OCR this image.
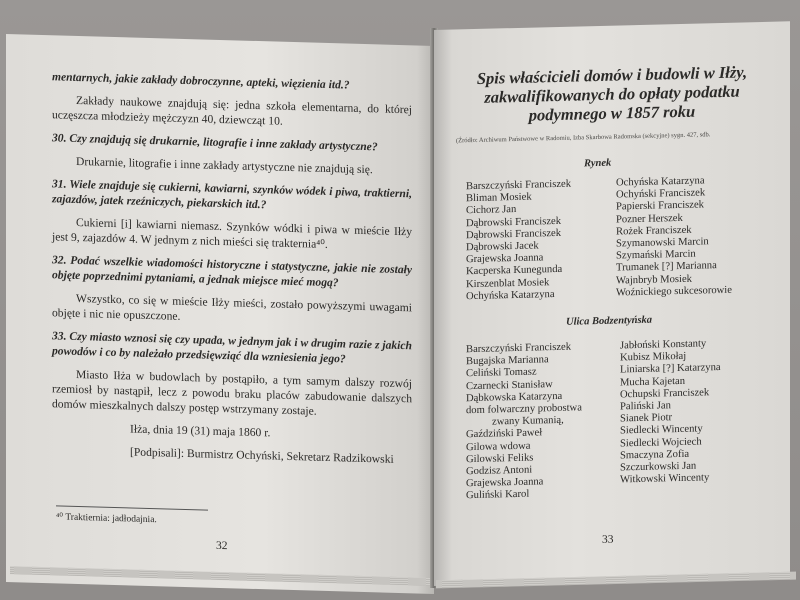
mentarnych, jakie zakłady dobroczynne, apteki, więzienia itd.?

Zakłady naukowe znajdują się: jedna szkoła elementarna, do której uczęszcza młodzieży mężczyzn 40, dziewcząt 10.

30. Czy znajdują się drukarnie, litografie i inne zakłady artystyczne?

Drukarnie, litografie i inne zakłady artystyczne nie znajdują się.

31. Wiele znajduje się cukierni, kawiarni, szynków wódek i piwa, traktierni, zajazdów, jatek rzeźniczych, piekarskich itd.?

Cukierni [i] kawiarni niemasz. Szynków wódki i piwa w mieście Iłży jest 9, zajazdów 4. W jednym z nich mieści się trakternia⁴⁰.

32. Podać wszelkie wiadomości historyczne i statystyczne, jakie nie zostały objęte poprzednimi pytaniami, a jednak miejsce mieć mogą?

Wszystko, co się w mieście Iłży mieści, zostało powyższymi uwagami objęte i nic nie opuszczone.

33. Czy miasto wznosi się czy upada, w jednym jak i w drugim razie z jakich powodów i co by należało przedsięwziąć dla wzniesienia jego?

Miasto Iłża w budowlach by postąpiło, a tym samym dalszy rozwój rzemiosł by nastąpił, lecz z powodu braku placów zabudowanie dalszych domów mieszkalnych dalszy postęp wstrzymany zostaje.

Iłża, dnia 19 (31) maja 1860 r.

[Podpisali]: Burmistrz Ochyński, Sekretarz Radzikowski

⁴⁰ Traktiernia: jadłodajnia.
32
Spis właścicieli domów i budowli w Iłży, zakwalifikowanych do opłaty podatku podymnego w 1857 roku
(Źródło: Archiwum Państwowe w Radomiu, Izba Skarbowa Radomska (sekcyjne) sygn. 427, sdb.
Rynek
Barszczyński Franciszek
Bliman Mosiek
Cichorz Jan
Dąbrowski Franciszek
Dąbrowski Franciszek
Dąbrowski Jacek
Grajewska Joanna
Kacperska Kunegunda
Kirszenblat Mosiek
Ochyńska Katarzyna
Ochyńska Katarzyna
Ochyński Franciszek
Papierski Franciszek
Pozner Herszek
Rożek Franciszek
Szymanowski Marcin
Szymański Marcin
Trumanek [?] Marianna
Wajnbryb Mosiek
Woźnickiego sukcesorowie
Ulica Bodzentyńska
Barszczyński Franciszek
Bugajska Marianna
Celiński Tomasz
Czarnecki Stanisław
Dąbkowska Katarzyna
dom folwarczny probostwa
zwany Kumanią,
Gaździński Paweł
Gilowa wdowa
Gilowski Feliks
Godzisz Antoni
Grajewska Joanna
Guliński Karol
Jabłoński Konstanty
Kubisz Mikołaj
Liniarska [?] Katarzyna
Mucha Kajetan
Ochupski Franciszek
Paliński Jan
Sianek Piotr
Siedlecki Wincenty
Siedlecki Wojciech
Smaczyna Zofia
Szczurkowski Jan
Witkowski Wincenty
33
